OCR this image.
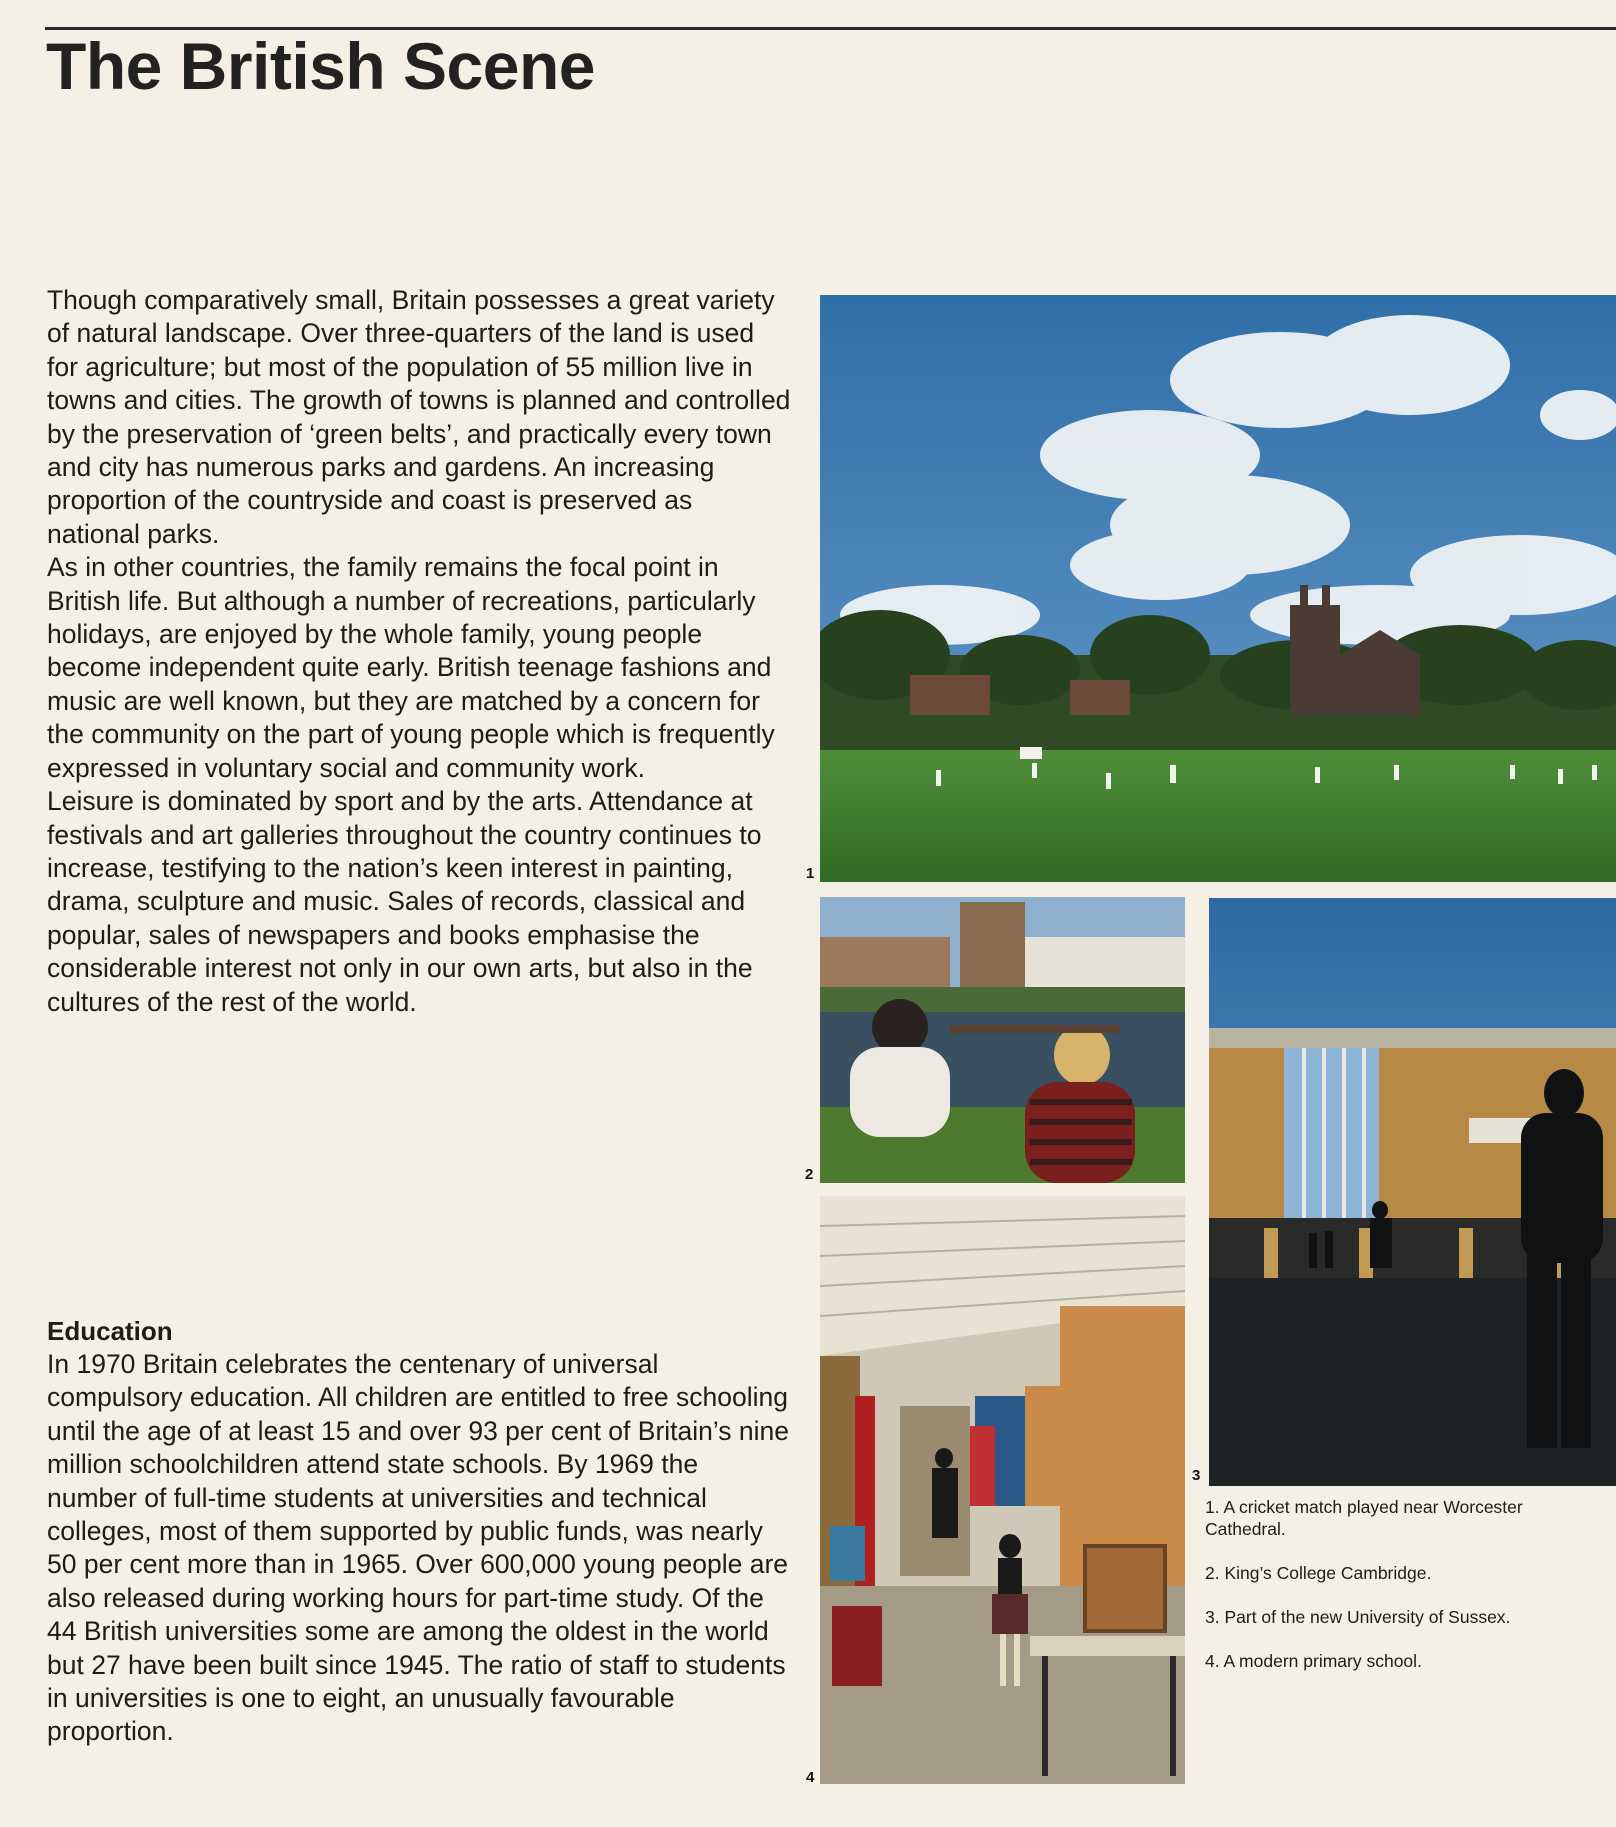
The British Scene

Though comparatively small, Britain possesses a great variety of natural landscape. Over three-quarters of the land is used for agriculture; but most of the population of 55 million live in towns and cities. The growth of towns is planned and controlled by the preservation of ‘green belts’, and practically every town and city has numerous parks and gardens. An increasing proportion of the countryside and coast is preserved as national parks.

As in other countries, the family remains the focal point in British life. But although a number of recreations, particularly holidays, are enjoyed by the whole family, young people become independent quite early. British teenage fashions and music are well known, but they are matched by a concern for the community on the part of young people which is frequently expressed in voluntary social and community work.

Leisure is dominated by sport and by the arts. Attendance at festivals and art galleries throughout the country continues to increase, testifying to the nation’s keen interest in painting, drama, sculpture and music. Sales of records, classical and popular, sales of newspapers and books emphasise the considerable interest not only in our own arts, but also in the cultures of the rest of the world.

Education

In 1970 Britain celebrates the centenary of universal compulsory education. All children are entitled to free schooling until the age of at least 15 and over 93 per cent of Britain’s nine million schoolchildren attend state schools. By 1969 the number of full-time students at universities and technical colleges, most of them supported by public funds, was nearly 50 per cent more than in 1965. Over 600,000 young people are also released during working hours for part-time study. Of the 44 British universities some are among the oldest in the world but 27 have been built since 1945. The ratio of staff to students in universities is one to eight, an unusually favourable proportion.

1
2
3
4

1. A cricket match played near Worcester Cathedral.

2. King’s College Cambridge.

3. Part of the new University of Sussex.

4. A modern primary school.
